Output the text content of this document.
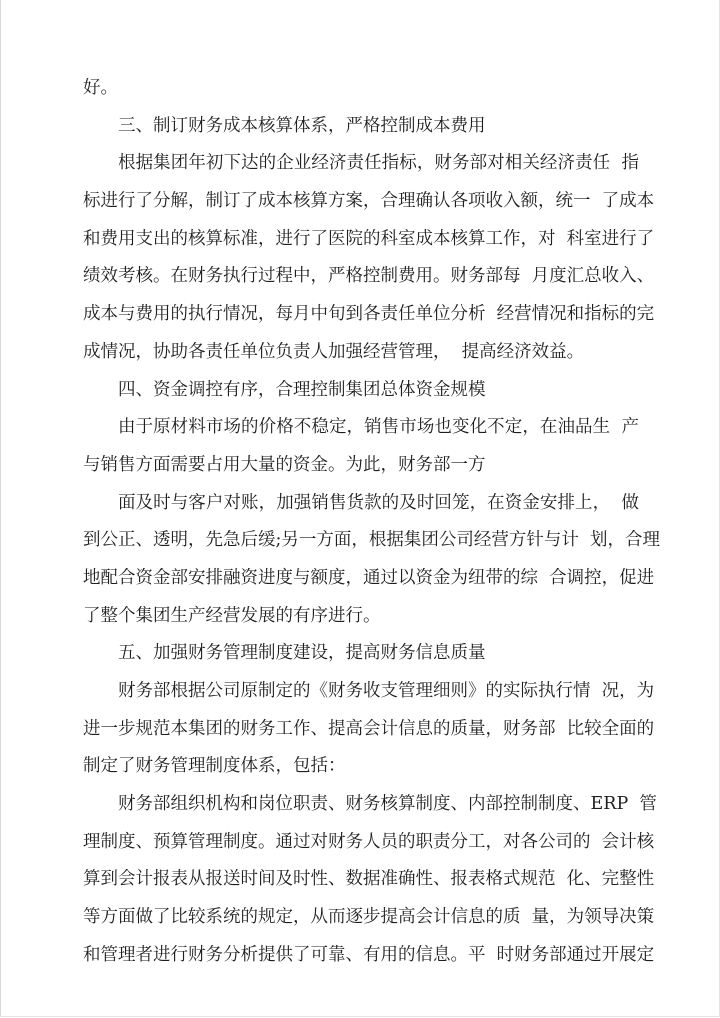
好。
三、制订财务成本核算体系，严格控制成本费用
根据集团年初下达的企业经济责任指标，财务部对相关经济责任  指
标进行了分解，制订了成本核算方案，合理确认各项收入额，统一  了成本
和费用支出的核算标准，进行了医院的科室成本核算工作，对  科室进行了
绩效考核。在财务执行过程中，严格控制费用。财务部每  月度汇总收入、
成本与费用的执行情况，每月中旬到各责任单位分析  经营情况和指标的完
成情况，协助各责任单位负责人加强经营管理，  提高经济效益。
四、资金调控有序，合理控制集团总体资金规模
由于原材料市场的价格不稳定，销售市场也变化不定，在油品生  产
与销售方面需要占用大量的资金。为此，财务部一方
面及时与客户对账，加强销售货款的及时回笼，在资金安排上，  做
到公正、透明，先急后缓;另一方面，根据集团公司经营方针与计  划，合理
地配合资金部安排融资进度与额度，通过以资金为纽带的综  合调控，促进
了整个集团生产经营发展的有序进行。
五、加强财务管理制度建设，提高财务信息质量
财务部根据公司原制定的《财务收支管理细则》的实际执行情  况，为
进一步规范本集团的财务工作、提高会计信息的质量，财务部  比较全面的
制定了财务管理制度体系，包括：
财务部组织机构和岗位职责、财务核算制度、内部控制制度、ERP  管
理制度、预算管理制度。通过对财务人员的职责分工，对各公司的  会计核
算到会计报表从报送时间及时性、数据准确性、报表格式规范  化、完整性
等方面做了比较系统的规定，从而逐步提高会计信息的质  量，为领导决策
和管理者进行财务分析提供了可靠、有用的信息。平  时财务部通过开展定
